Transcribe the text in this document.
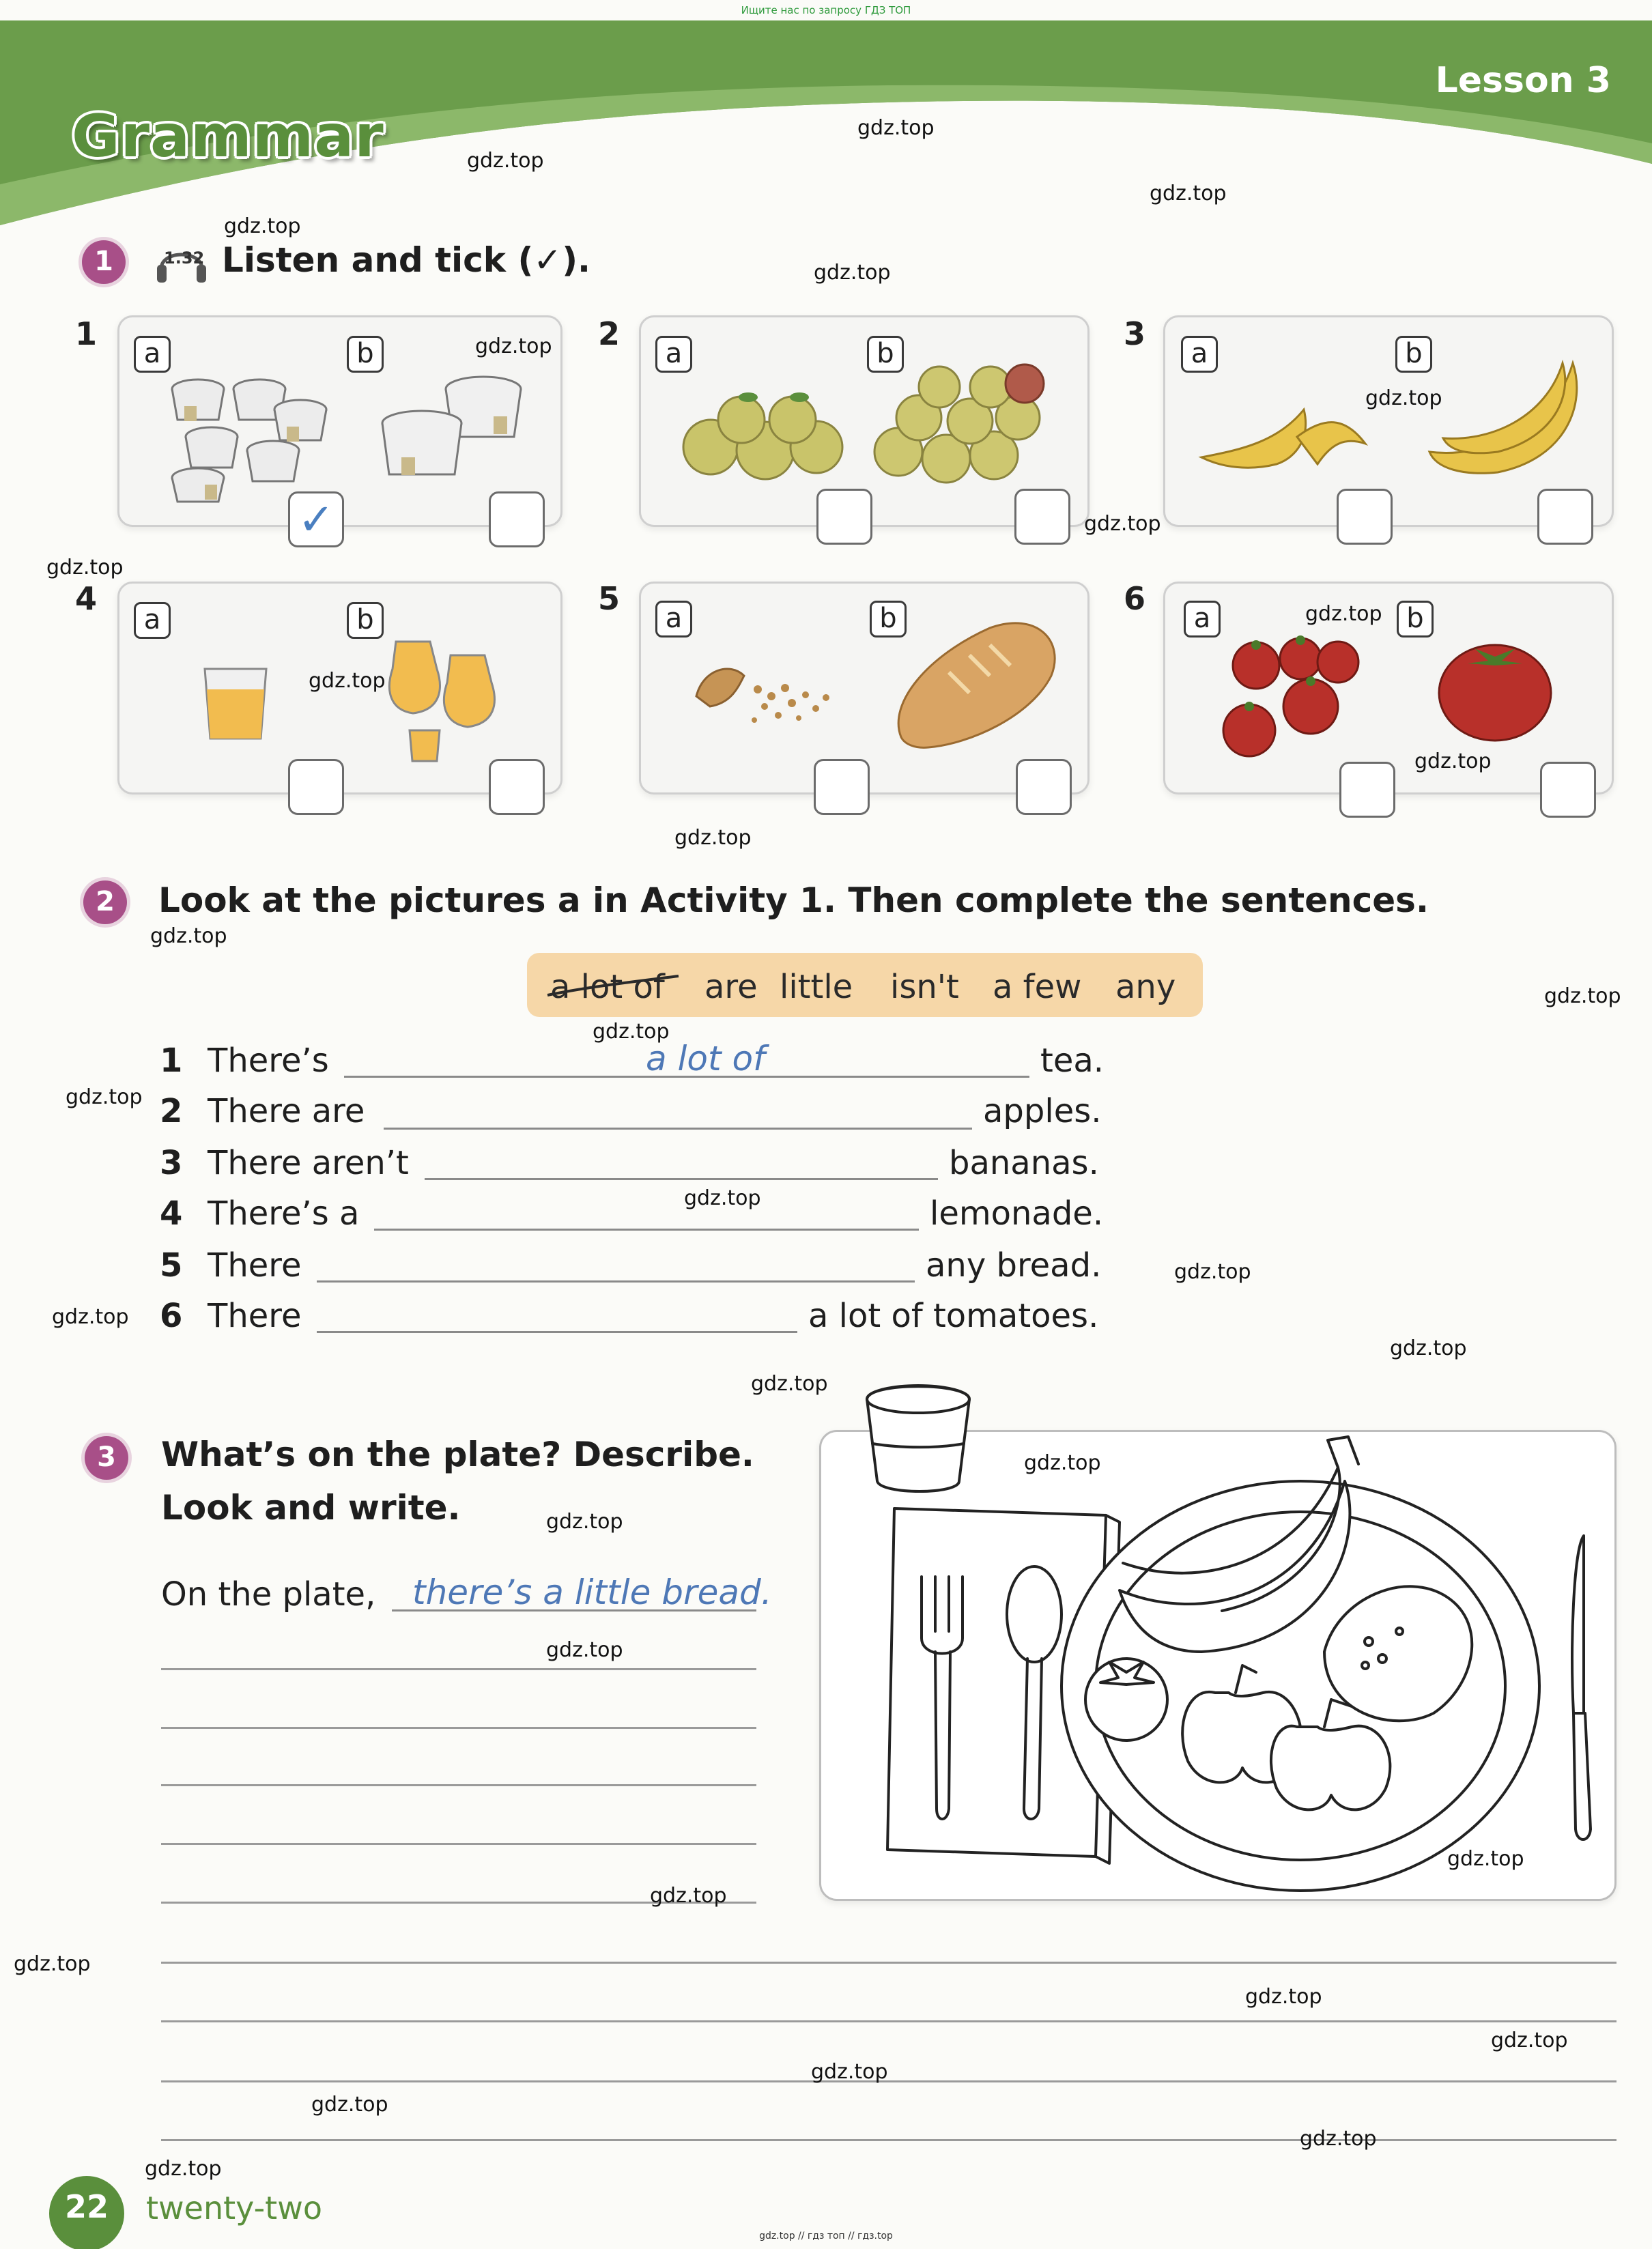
Ищите нас по запросу ГДЗ ТОП
Lesson 3
Grammar
1	1.32 Listen and tick (✓).
1
a	b
✓
2
a	b
3
a	b
4
a	b
5
a	b
6
a	b
2	Look at the pictures a in Activity 1. Then complete the sentences.
a lot of are little isn't a few any
1 There’s	a lot of	tea.
2 There are	apples.
3 There aren’t	bananas.
4 There’s a	lemonade.
5 There	any bread.
6 There	a lot of tomatoes.
3	What’s on the plate? Describe.
Look and write.
On the plate, there’s a little bread.
gdz.top
gdz.top
gdz.top
gdz.top
gdz.top
gdz.top
gdz.top
gdz.top
gdz.top
gdz.top
gdz.top
gdz.top
gdz.top
gdz.top
gdz.top
gdz.top
gdz.top
gdz.top
gdz.top
gdz.top
gdz.top
gdz.top
gdz.top
gdz.top
gdz.top
gdz.top
gdz.top
gdz.top
gdz.top
gdz.top
gdz.top
gdz.top
gdz.top
gdz.top
22	twenty-two
gdz.top // гдз топ // гдз.top
